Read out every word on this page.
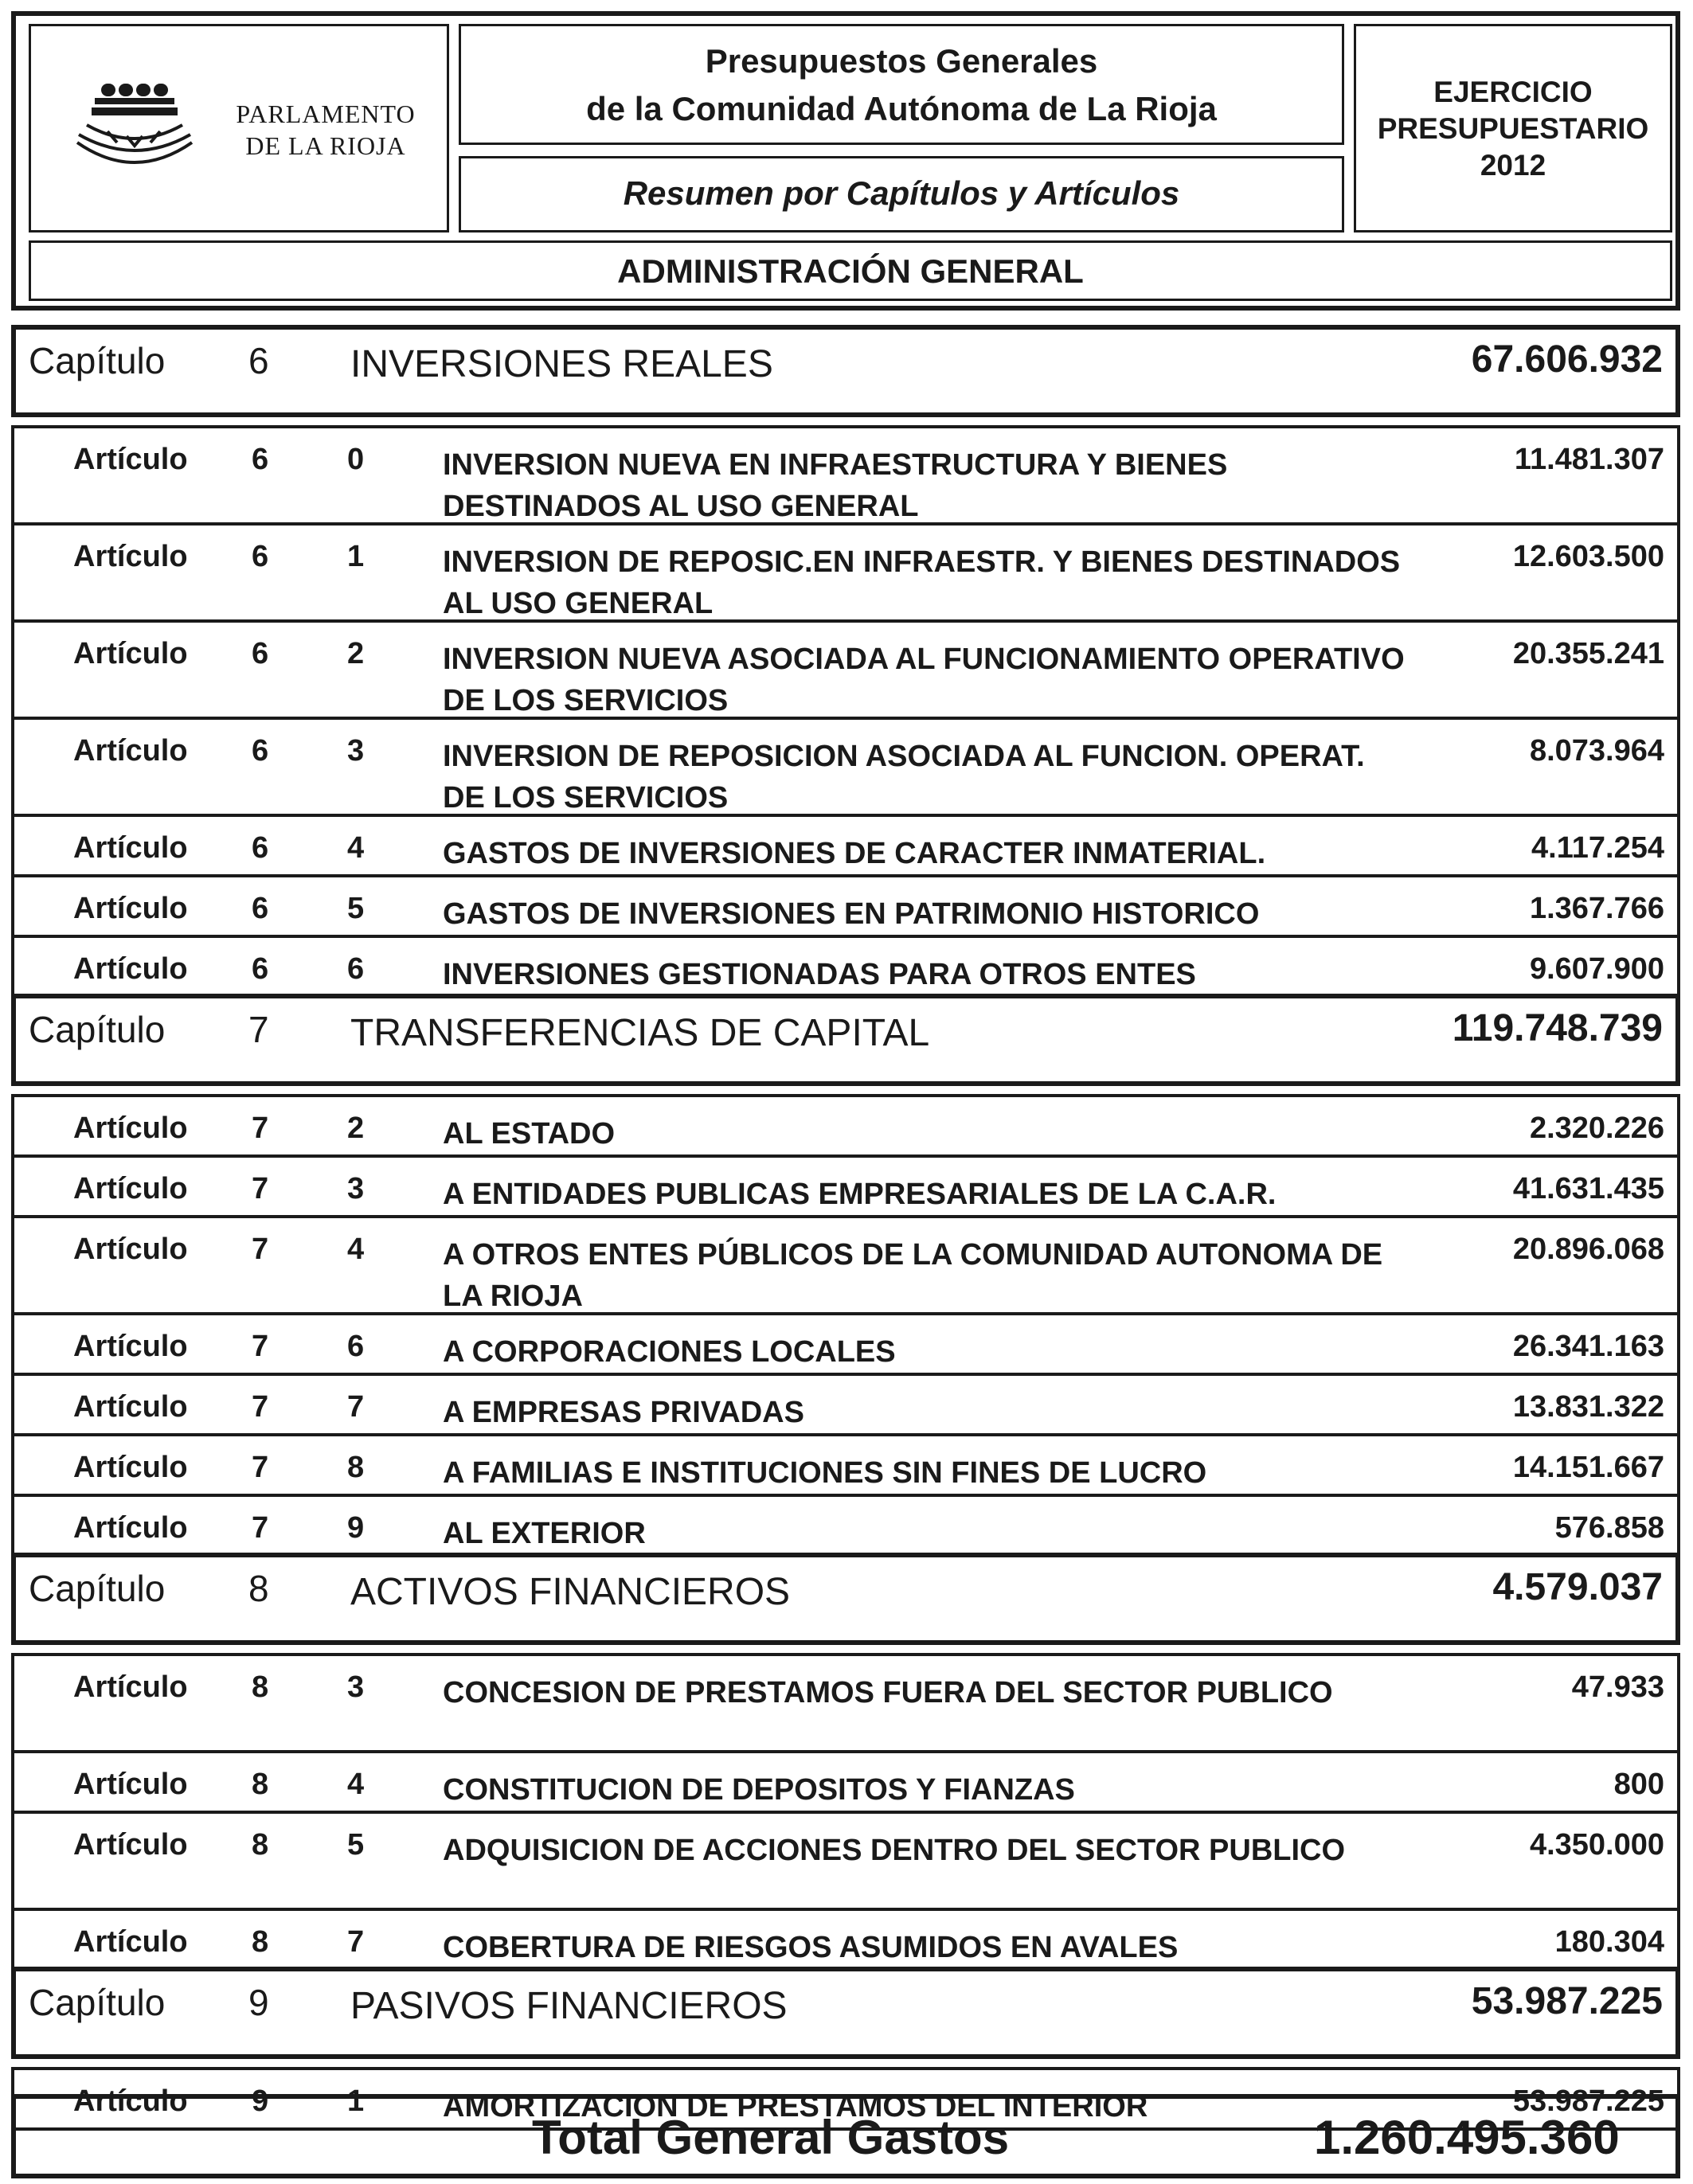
PARLAMENTO
DE LA RIOJA
Presupuestos Generales
de la Comunidad Autónoma de La Rioja
Resumen por Capítulos y Artículos
EJERCICIO
PRESUPUESTARIO
2012
ADMINISTRACIÓN GENERAL
Capítulo 6 INVERSIONES REALES	67.606.932
Artículo 6	0	INVERSION NUEVA EN INFRAESTRUCTURA Y BIENES DESTINADOS AL USO GENERAL
11.481.307
Artículo 6	1	INVERSION DE REPOSIC.EN INFRAESTR. Y BIENES DESTINADOS AL USO GENERAL
12.603.500
Artículo 6	2	INVERSION NUEVA ASOCIADA AL FUNCIONAMIENTO OPERATIVO DE LOS SERVICIOS
20.355.241
Artículo 6	3	INVERSION DE REPOSICION ASOCIADA AL FUNCION. OPERAT. DE LOS SERVICIOS
8.073.964
Artículo 6	4	GASTOS DE INVERSIONES DE CARACTER INMATERIAL.	4.117.254
Artículo 6	5	GASTOS DE INVERSIONES EN PATRIMONIO HISTORICO	1.367.766
Artículo 6	6	INVERSIONES GESTIONADAS PARA OTROS ENTES	9.607.900
Capítulo 7 TRANSFERENCIAS DE CAPITAL	119.748.739
Artículo 7	2	AL ESTADO	2.320.226
Artículo 7	3	A ENTIDADES PUBLICAS EMPRESARIALES DE LA C.A.R.	41.631.435
Artículo 7	4	A OTROS ENTES PÚBLICOS DE LA COMUNIDAD AUTONOMA DE LA RIOJA
20.896.068
Artículo 7	6	A CORPORACIONES LOCALES	26.341.163
Artículo 7	7	A EMPRESAS PRIVADAS	13.831.322
Artículo 7	8	A FAMILIAS E INSTITUCIONES SIN FINES DE LUCRO	14.151.667
Artículo 7	9	AL EXTERIOR	576.858
Capítulo 8 ACTIVOS FINANCIEROS	4.579.037
Artículo 8	3	CONCESION DE PRESTAMOS FUERA DEL SECTOR PUBLICO	47.933
Artículo 8	4	CONSTITUCION DE DEPOSITOS Y FIANZAS	800
Artículo 8	5	ADQUISICION DE ACCIONES DENTRO DEL SECTOR PUBLICO	4.350.000
Artículo 8	7	COBERTURA DE RIESGOS ASUMIDOS EN AVALES	180.304
Capítulo 9 PASIVOS FINANCIEROS	53.987.225
Artículo 9	1	AMORTIZACION DE PRESTAMOS DEL INTERIOR	53.987.225
Total General Gastos	1.260.495.360
